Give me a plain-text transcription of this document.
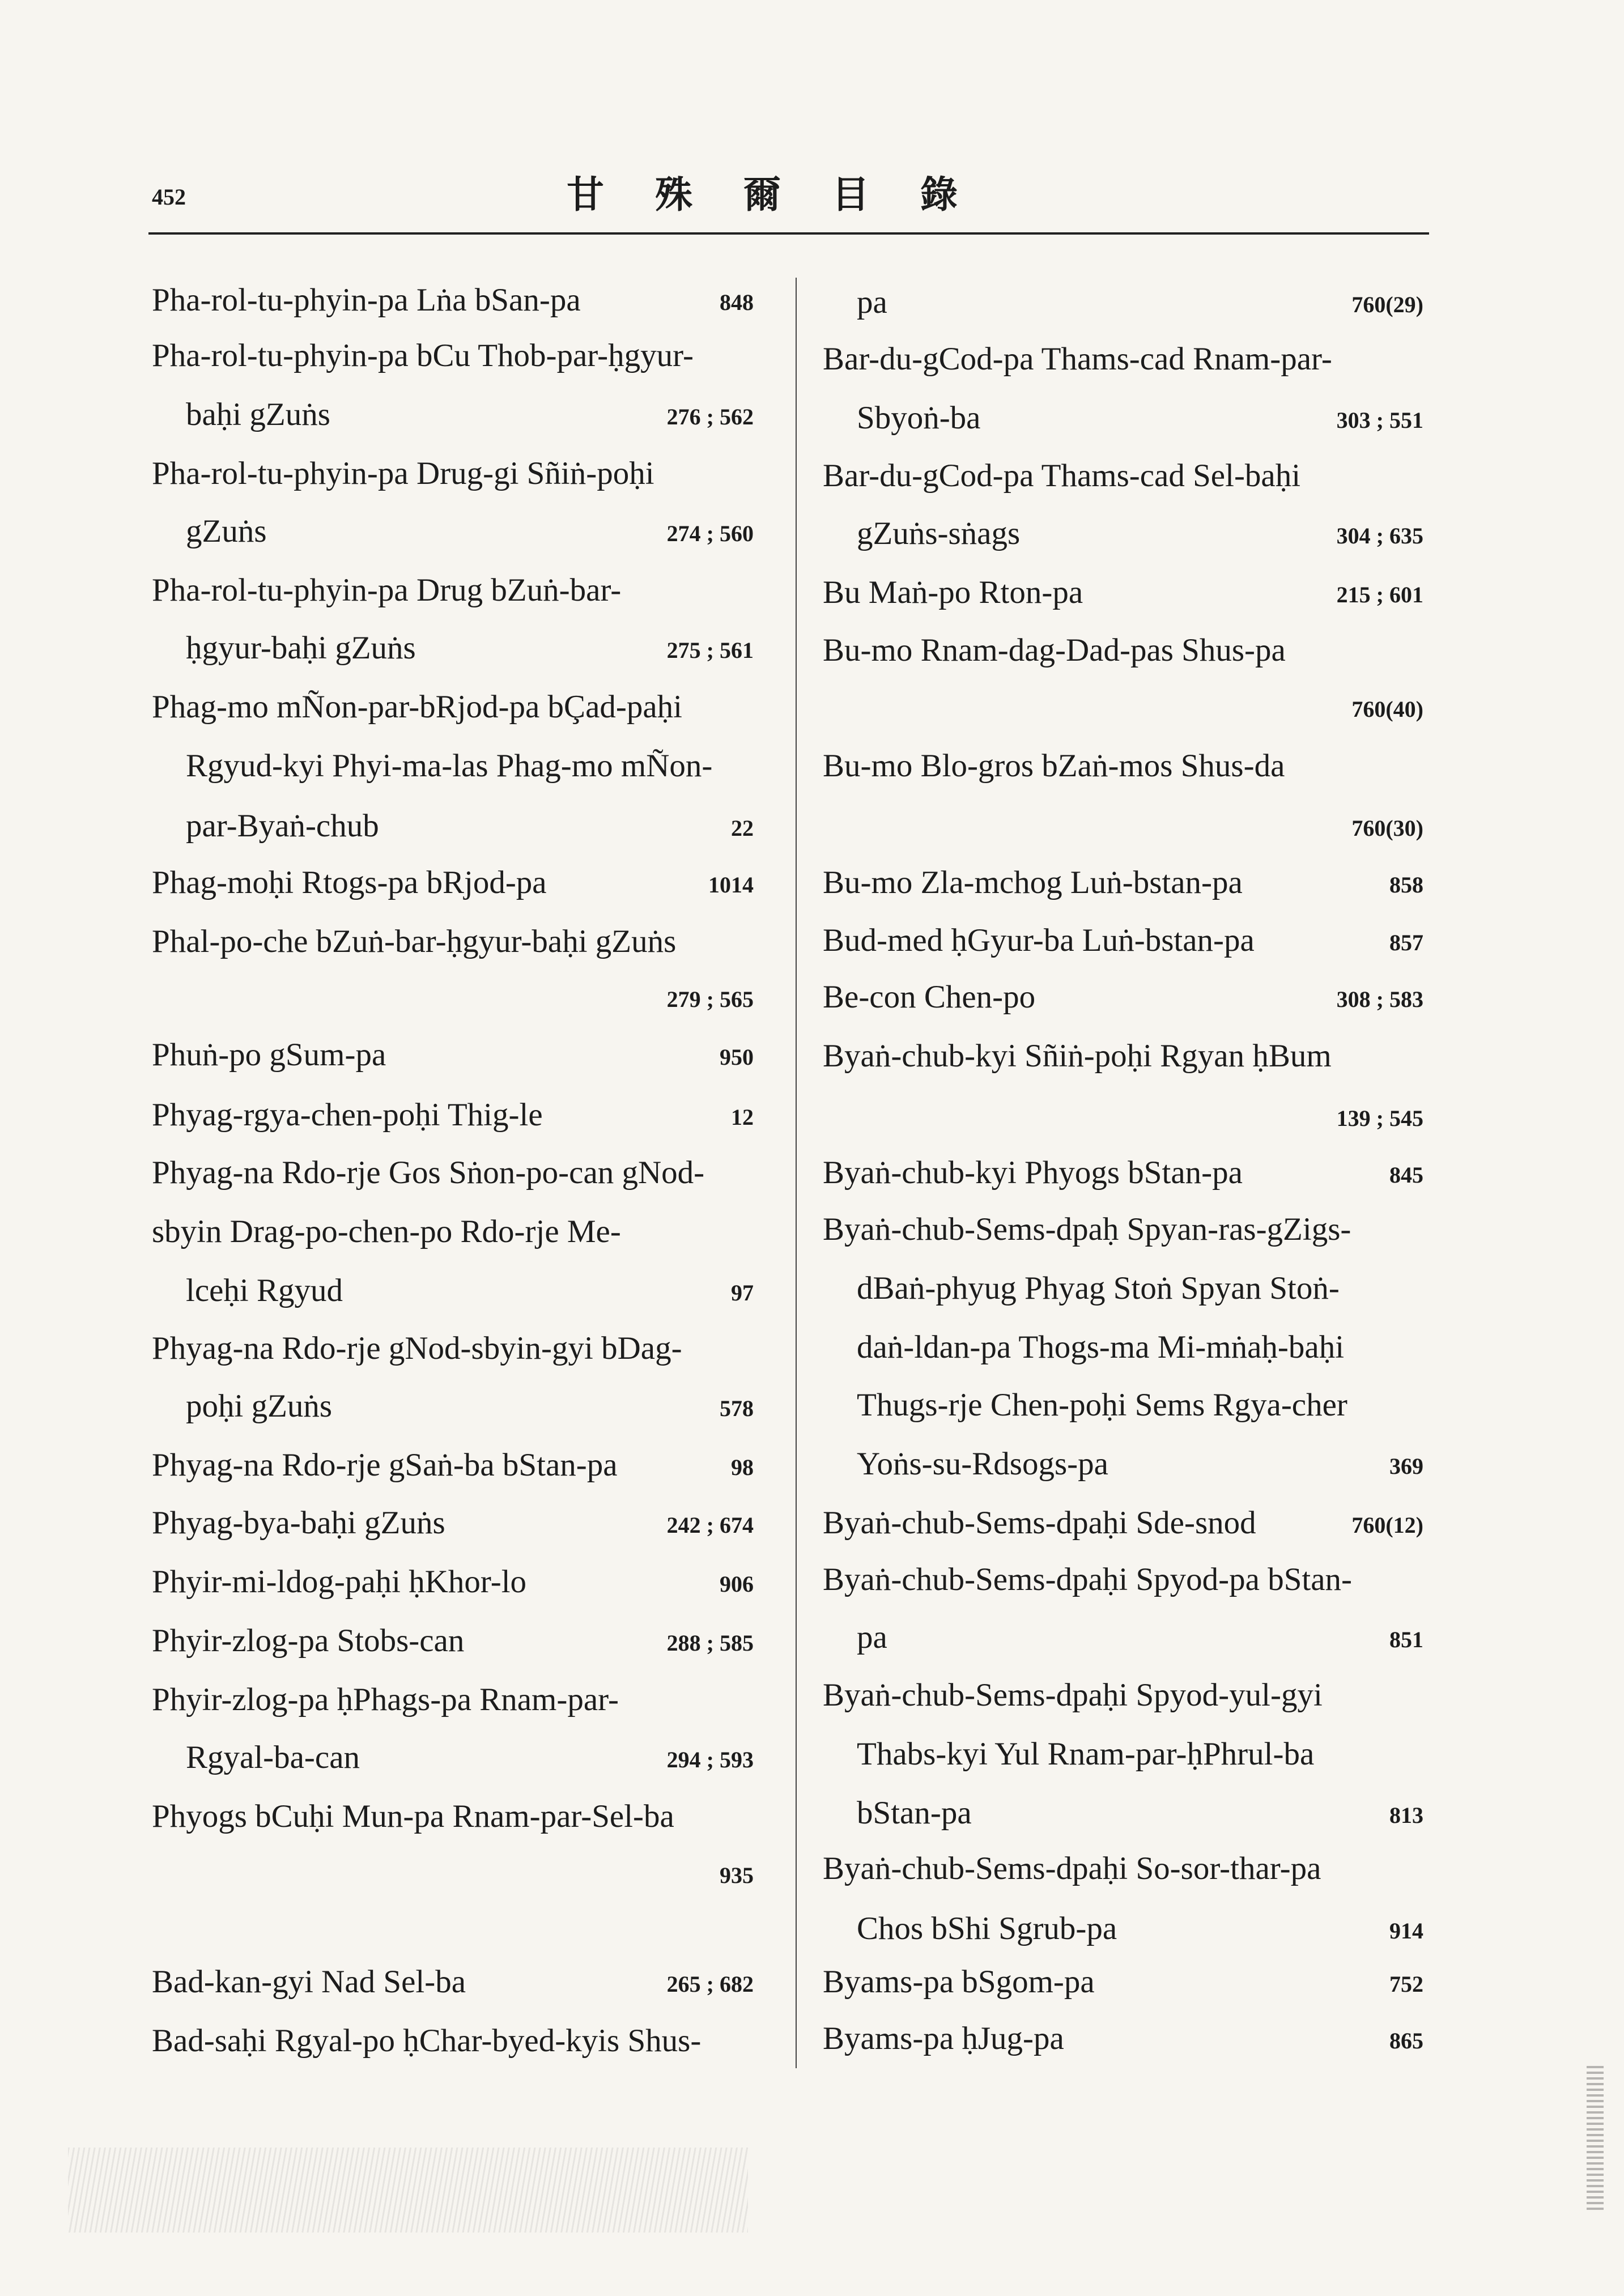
452	甘殊爾目錄
Pha-rol-tu-phyin-pa Lṅa bSan-pa	848
Pha-rol-tu-phyin-pa bCu Thob-par-ḥgyur-
baḥi gZuṅs	276 ; 562
Pha-rol-tu-phyin-pa Drug-gi Sñiṅ-poḥi
gZuṅs	274 ; 560
Pha-rol-tu-phyin-pa Drug bZuṅ-bar-
ḥgyur-baḥi gZuṅs	275 ; 561
Phag-mo mÑon-par-bRjod-pa bÇad-paḥi
Rgyud-kyi Phyi-ma-las Phag-mo mÑon-
par-Byaṅ-chub	22
Phag-moḥi Rtogs-pa bRjod-pa	1014
Phal-po-che bZuṅ-bar-ḥgyur-baḥi gZuṅs
279 ; 565
Phuṅ-po gSum-pa	950
Phyag-rgya-chen-poḥi Thig-le	12
Phyag-na Rdo-rje Gos Sṅon-po-can gNod-
sbyin Drag-po-chen-po Rdo-rje Me-
lceḥi Rgyud	97
Phyag-na Rdo-rje gNod-sbyin-gyi bDag-
poḥi gZuṅs	578
Phyag-na Rdo-rje gSaṅ-ba bStan-pa	98
Phyag-bya-baḥi gZuṅs	242 ; 674
Phyir-mi-ldog-paḥi ḥKhor-lo	906
Phyir-zlog-pa Stobs-can	288 ; 585
Phyir-zlog-pa ḥPhags-pa Rnam-par-
Rgyal-ba-can	294 ; 593
Phyogs bCuḥi Mun-pa Rnam-par-Sel-ba
935
Bad-kan-gyi Nad Sel-ba	265 ; 682
Bad-saḥi Rgyal-po ḥChar-byed-kyis Shus-
pa	760(29)
Bar-du-gCod-pa Thams-cad Rnam-par-
Sbyoṅ-ba	303 ; 551
Bar-du-gCod-pa Thams-cad Sel-baḥi
gZuṅs-sṅags	304 ; 635
Bu Maṅ-po Rton-pa	215 ; 601
Bu-mo Rnam-dag-Dad-pas Shus-pa
760(40)
Bu-mo Blo-gros bZaṅ-mos Shus-da
760(30)
Bu-mo Zla-mchog Luṅ-bstan-pa	858
Bud-med ḥGyur-ba Luṅ-bstan-pa	857
Be-con Chen-po	308 ; 583
Byaṅ-chub-kyi Sñiṅ-poḥi Rgyan ḥBum
139 ; 545
Byaṅ-chub-kyi Phyogs bStan-pa	845
Byaṅ-chub-Sems-dpaḥ Spyan-ras-gZigs-
dBaṅ-phyug Phyag Stoṅ Spyan Stoṅ-
daṅ-ldan-pa Thogs-ma Mi-mṅaḥ-baḥi
Thugs-rje Chen-poḥi Sems Rgya-cher
Yoṅs-su-Rdsogs-pa	369
Byaṅ-chub-Sems-dpaḥi Sde-snod	760(12)
Byaṅ-chub-Sems-dpaḥi Spyod-pa bStan-
pa	851
Byaṅ-chub-Sems-dpaḥi Spyod-yul-gyi
Thabs-kyi Yul Rnam-par-ḥPhrul-ba
bStan-pa	813
Byaṅ-chub-Sems-dpaḥi So-sor-thar-pa
Chos bShi Sgrub-pa	914
Byams-pa bSgom-pa	752
Byams-pa ḥJug-pa	865
